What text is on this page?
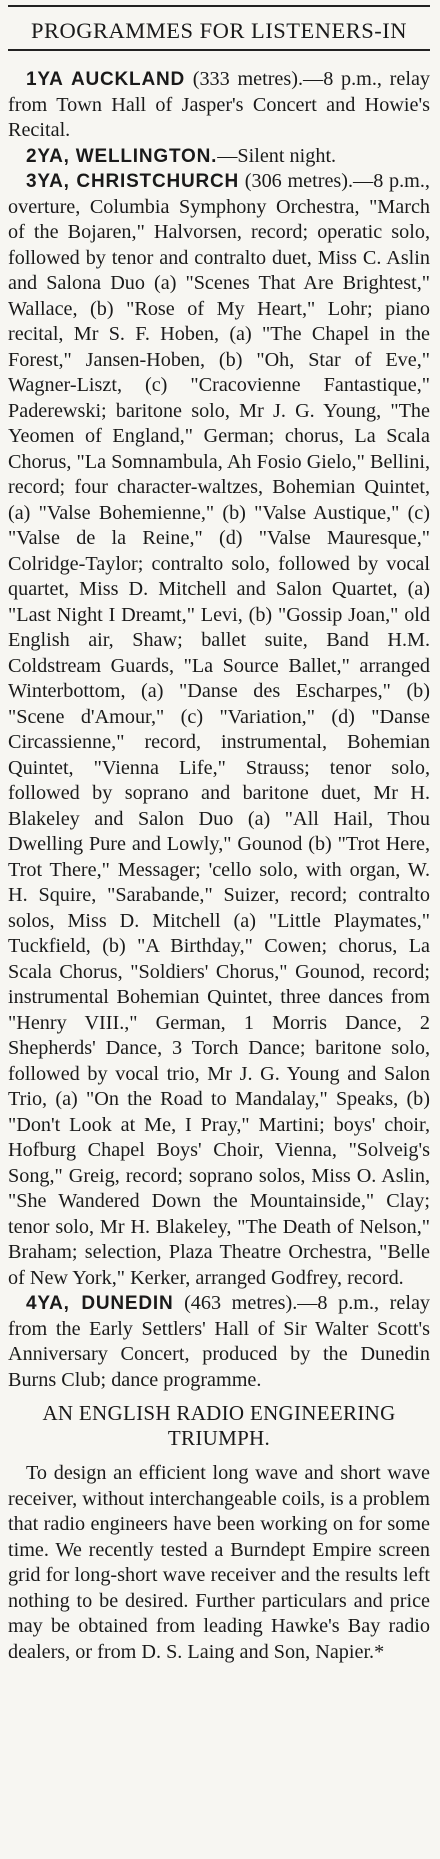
PROGRAMMES FOR LISTENERS-IN

1YA AUCKLAND (333 metres).—8 p.m., relay from Town Hall of Jasper's Concert and Howie's Recital.

2YA, WELLINGTON.—Silent night.

3YA, CHRISTCHURCH (306 metres).—8 p.m., overture, Columbia Symphony Orchestra, "March of the Bojaren," Halvorsen, record; operatic solo, followed by tenor and contralto duet, Miss C. Aslin and Salona Duo (a) "Scenes That Are Brightest," Wallace, (b) "Rose of My Heart," Lohr; piano recital, Mr S. F. Hoben, (a) "The Chapel in the Forest," Jansen-Hoben, (b) "Oh, Star of Eve," Wagner-Liszt, (c) "Cracovienne Fantastique," Paderewski; baritone solo, Mr J. G. Young, "The Yeomen of England," German; chorus, La Scala Chorus, "La Somnambula, Ah Fosio Gielo," Bellini, record; four character-waltzes, Bohemian Quintet, (a) "Valse Bohemienne," (b) "Valse Austique," (c) "Valse de la Reine," (d) "Valse Mauresque," Colridge-Taylor; contralto solo, followed by vocal quartet, Miss D. Mitchell and Salon Quartet, (a) "Last Night I Dreamt," Levi, (b) "Gossip Joan," old English air, Shaw; ballet suite, Band H.M. Coldstream Guards, "La Source Ballet," arranged Winterbottom, (a) "Danse des Escharpes," (b) "Scene d'Amour," (c) "Variation," (d) "Danse Circassienne," record, instrumental, Bohemian Quintet, "Vienna Life," Strauss; tenor solo, followed by soprano and baritone duet, Mr H. Blakeley and Salon Duo (a) "All Hail, Thou Dwelling Pure and Lowly," Gounod (b) "Trot Here, Trot There," Messager; 'cello solo, with organ, W. H. Squire, "Sarabande," Suizer, record; contralto solos, Miss D. Mitchell (a) "Little Playmates," Tuckfield, (b) "A Birthday," Cowen; chorus, La Scala Chorus, "Soldiers' Chorus," Gounod, record; instrumental Bohemian Quintet, three dances from "Henry VIII.," German, 1 Morris Dance, 2 Shepherds' Dance, 3 Torch Dance; baritone solo, followed by vocal trio, Mr J. G. Young and Salon Trio, (a) "On the Road to Mandalay," Speaks, (b) "Don't Look at Me, I Pray," Martini; boys' choir, Hofburg Chapel Boys' Choir, Vienna, "Solveig's Song," Greig, record; soprano solos, Miss O. Aslin, "She Wandered Down the Mountainside," Clay; tenor solo, Mr H. Blakeley, "The Death of Nelson," Braham; selection, Plaza Theatre Orchestra, "Belle of New York," Kerker, arranged Godfrey, record.

4YA, DUNEDIN (463 metres).—8 p.m., relay from the Early Settlers' Hall of Sir Walter Scott's Anniversary Concert, produced by the Dunedin Burns Club; dance programme.

AN ENGLISH RADIO ENGINEERING TRIUMPH.

To design an efficient long wave and short wave receiver, without interchangeable coils, is a problem that radio engineers have been working on for some time. We recently tested a Burndept Empire screen grid for long-short wave receiver and the results left nothing to be desired. Further particulars and price may be obtained from leading Hawke's Bay radio dealers, or from D. S. Laing and Son, Napier.*
